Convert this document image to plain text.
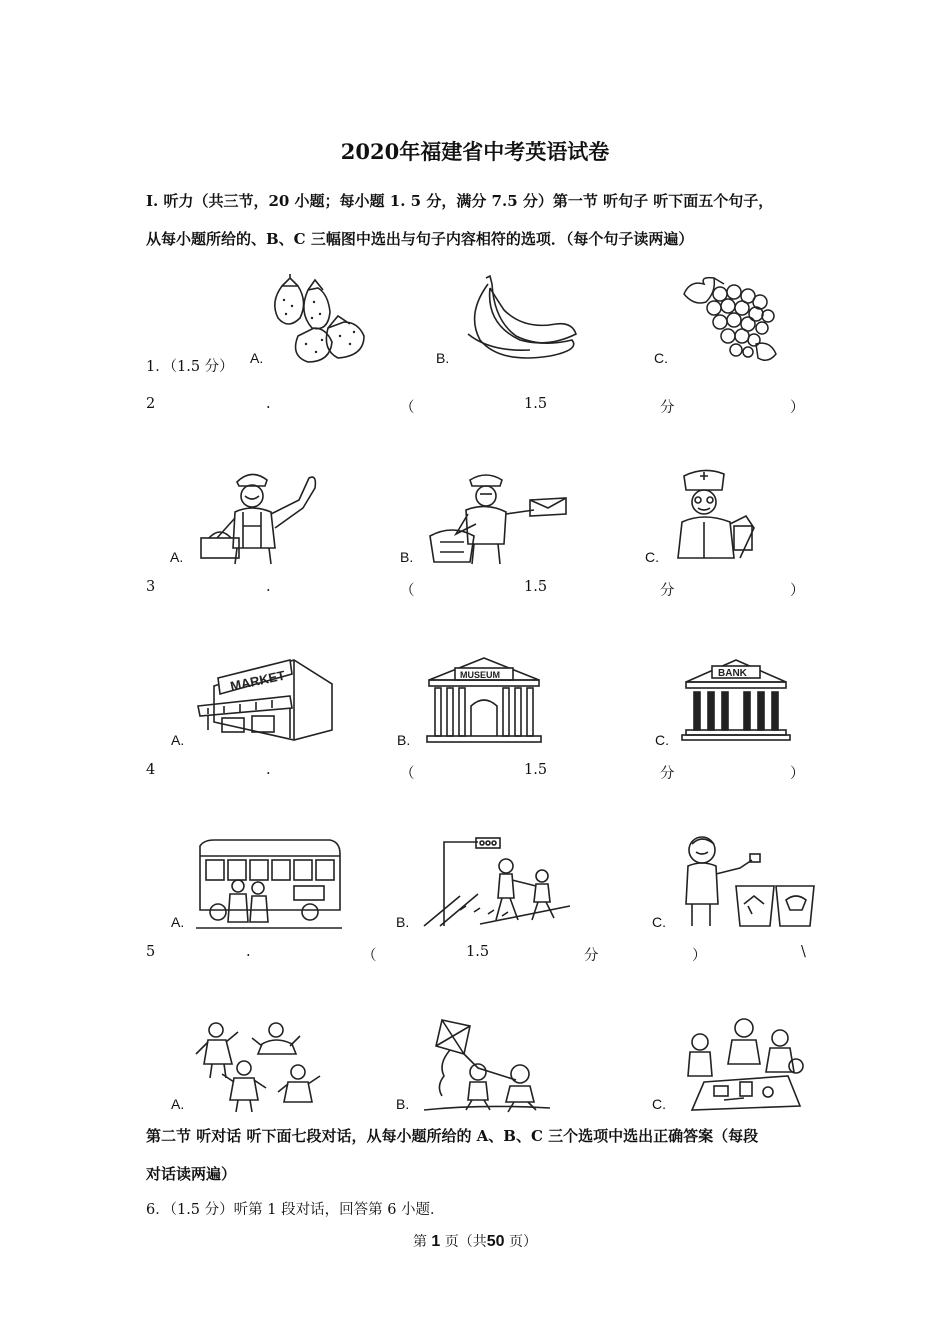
2020年福建省中考英语试卷
Ⅰ. 听力（共三节，20 小题；每小题 1. 5 分，满分 7.5 分）第一节 听句子 听下面五个句子，
从每小题所给的、B、C 三幅图中选出与句子内容相符的选项．（每个句子读两遍）
A.	B.	C.
1．（1.5 分）
2	.	（	1.5	分	）
A.	B.	C.
3	.	（	1.5	分	）
MARKET
A.
MUSEUM
B.
BANK
C.
4	.	（	1.5	分	）
A.	B.	C.
5	.	（	1.5	分	）	\
A.	B.	C.
第二节 听对话 听下面七段对话，从每小题所给的 A、B、C 三个选项中选出正确答案（每段
对话读两遍）
6．（1.5 分）听第 1 段对话，回答第 6 小题．
第 1 页（共50 页）
